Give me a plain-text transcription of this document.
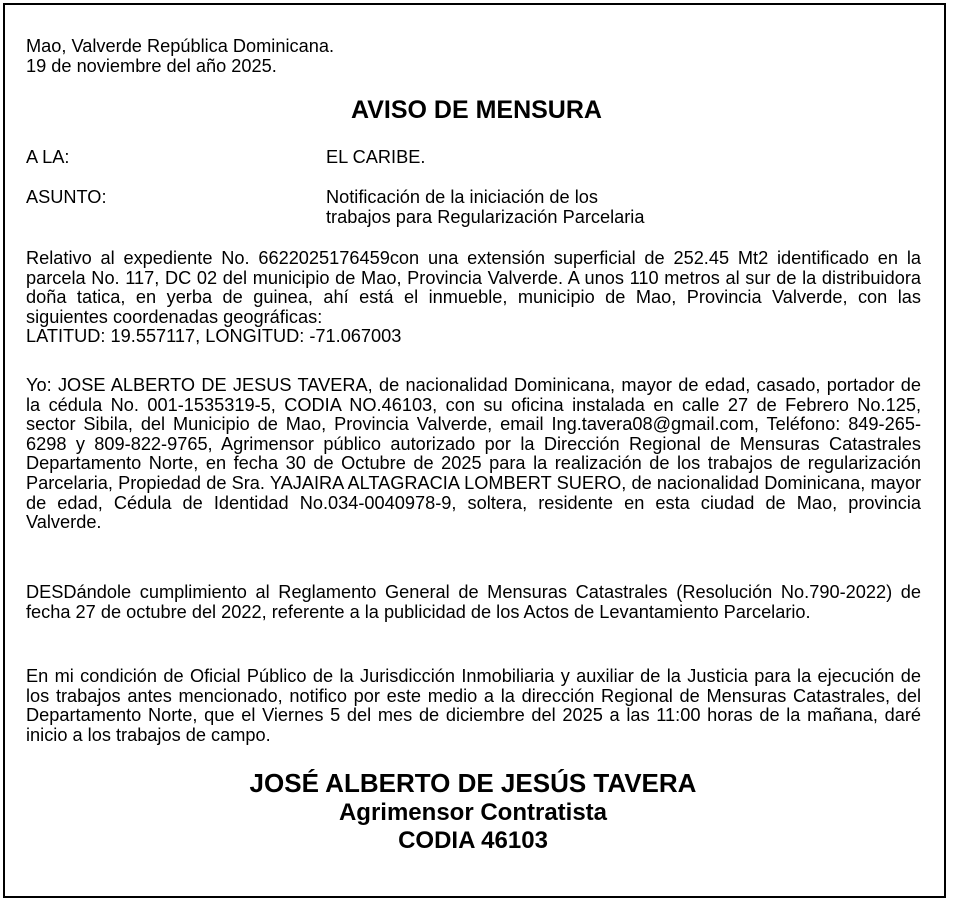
Mao, Valverde República Dominicana.
19 de noviembre del año 2025.
AVISO DE MENSURA
A LA:	EL CARIBE.
ASUNTO:	Notificación de la iniciación de los
trabajos para Regularización Parcelaria
Relativo al expediente No. 6622025176459con una extensión superficial de 252.45 Mt2 identificado en la parcela No. 117, DC 02 del municipio de Mao, Provincia Valverde. A unos 110 metros al sur de la distribuidora doña tatica, en yerba de guinea, ahí está el inmueble, municipio de Mao, Provincia Valverde, con las siguientes coordenadas geográficas:
LATITUD: 19.557117, LONGITUD: -71.067003
Yo: JOSE ALBERTO DE JESUS TAVERA, de nacionalidad Dominicana, mayor de edad, casado, portador de la cédula No. 001-1535319-5, CODIA NO.46103, con su oficina instalada en calle 27 de Febrero No.125, sector Sibila, del Municipio de Mao, Provincia Valverde, email Ing.tavera08@gmail.com, Teléfono: 849-265-6298 y 809-822-9765, Agrimensor público autorizado por la Dirección Regional de Mensuras Catastrales Departamento Norte, en fecha 30 de Octubre de 2025 para la realización de los trabajos de regularización Parcelaria, Propiedad de Sra. YAJAIRA ALTAGRACIA LOMBERT SUERO, de nacionalidad Dominicana, mayor de edad, Cédula de Identidad No.034-0040978-9, soltera, residente en esta ciudad de Mao, provincia Valverde.
DESDándole cumplimiento al Reglamento General de Mensuras Catastrales (Resolución No.790-2022) de fecha 27 de octubre del 2022, referente a la publicidad de los Actos de Levantamiento Parcelario.
En mi condición de Oficial Público de la Jurisdicción Inmobiliaria y auxiliar de la Justicia para la ejecución de los trabajos antes mencionado, notifico por este medio a la dirección Regional de Mensuras Catastrales, del Departamento Norte, que el Viernes 5 del mes de diciembre del 2025 a las 11:00 horas de la mañana, daré inicio a los trabajos de campo.
JOSÉ ALBERTO DE JESÚS TAVERA
Agrimensor Contratista
CODIA 46103
